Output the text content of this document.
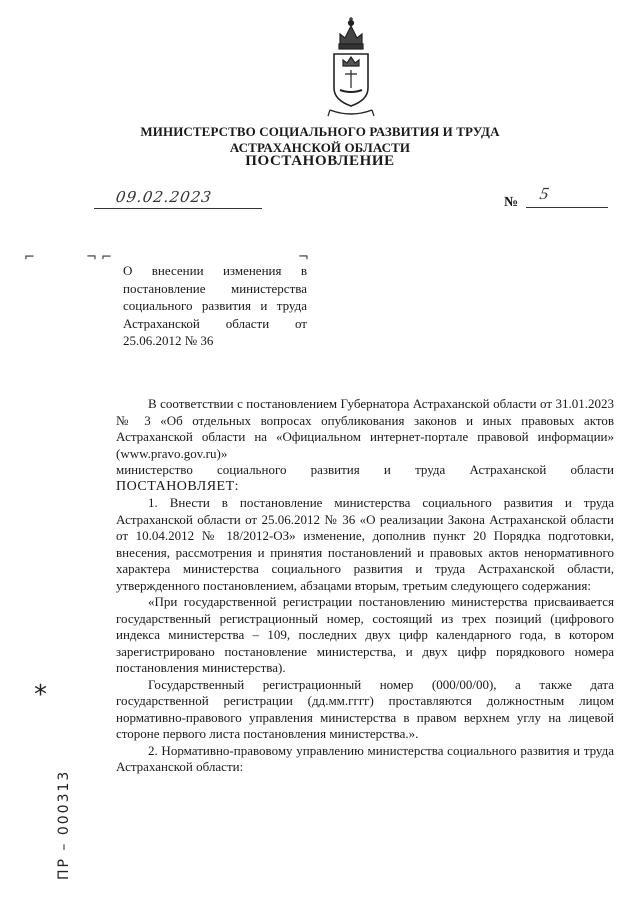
МИНИСТЕРСТВО СОЦИАЛЬНОГО РАЗВИТИЯ И ТРУДА
АСТРАХАНСКОЙ ОБЛАСТИ
ПОСТАНОВЛЕНИЕ
09.02.2023	№ 5
⌐	¬ ⌐	¬
О внесении изменения в постановление министерства социального развития и труда Астраханской области от 25.06.2012 № 36

В соответствии с постановлением Губернатора Астраханской области от 31.01.2023 № 3 «Об отдельных вопросах опубликования законов и иных правовых актов Астраханской области на «Официальном интернет-портале правовой информации» (www.pravo.gov.ru)»

министерство социального развития и труда Астраханской области

ПОСТАНОВЛЯЕТ:

1. Внести в постановление министерства социального развития и труда Астраханской области от 25.06.2012 № 36 «О реализации Закона Астраханской области от 10.04.2012 № 18/2012-ОЗ» изменение, дополнив пункт 20 Порядка подготовки, внесения, рассмотрения и принятия постановлений и правовых актов ненормативного характера министерства социального развития и труда Астраханской области, утвержденного постановлением, абзацами вторым, третьим следующего содержания:

«При государственной регистрации постановлению министерства присваивается государственный регистрационный номер, состоящий из трех позиций (цифрового индекса министерства – 109, последних двух цифр календарного года, в котором зарегистрировано постановление министерства, и двух цифр порядкового номера постановления министерства).

Государственный регистрационный номер (000/00/00), а также дата государственной регистрации (дд.мм.гггг) проставляются должностным лицом нормативно-правового управления министерства в правом верхнем углу на лицевой стороне первого листа постановления министерства.».

2. Нормативно-правовому управлению министерства социального развития и труда Астраханской области:

*
ПР – 000313
